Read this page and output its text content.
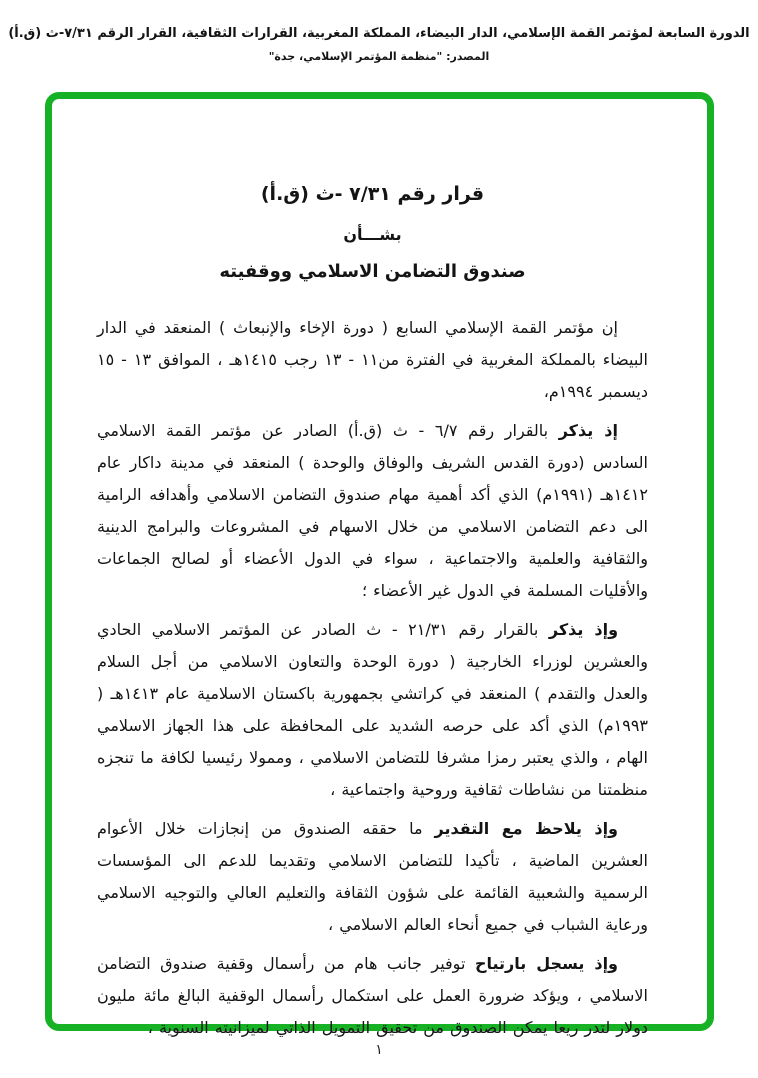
الدورة السابعة لمؤتمر القمة الإسلامي، الدار البيضاء، المملكة المغربية، القرارات الثقافية، القرار الرقم ٧/٣١-ث (ق.أ)
المصدر: "منظمة المؤتمر الإسلامي، جدة"
قرار رقم ٧/٣١ -ث (ق.أ)
بشـــأن
صندوق التضامن الاسلامي ووقفيته

إن مؤتمر القمة الإسلامي السابع ( دورة الإخاء والإنبعاث ) المنعقد في الدار البيضاء بالمملكة المغربية في الفترة من١١ - ١٣ رجب ١٤١٥هـ ، الموافق ١٣ - ١٥ ديسمبر ١٩٩٤م،

إذ يذكر بالقرار رقم ٦/٧ - ث (ق.أ) الصادر عن مؤتمر القمة الاسلامي السادس (دورة القدس الشريف والوفاق والوحدة ) المنعقد في مدينة داكار عام ١٤١٢هـ (١٩٩١م) الذي أكد أهمية مهام صندوق التضامن الاسلامي وأهدافه الرامية الى دعم التضامن الاسلامي من خلال الاسهام في المشروعات والبرامج الدينية والثقافية والعلمية والاجتماعية ، سواء في الدول الأعضاء أو لصالح الجماعات والأقليات المسلمة في الدول غير الأعضاء ؛

وإذ يذكر بالقرار رقم ٢١/٣١ - ث الصادر عن المؤتمر الاسلامي الحادي والعشرين لوزراء الخارجية ( دورة الوحدة والتعاون الاسلامي من أجل السلام والعدل والتقدم ) المنعقد في كراتشي بجمهورية باكستان الاسلامية عام ١٤١٣هـ ( ١٩٩٣م) الذي أكد على حرصه الشديد على المحافظة على هذا الجهاز الاسلامي الهام ، والذي يعتبر رمزا مشرفا للتضامن الاسلامي ، وممولا رئيسيا لكافة ما تنجزه منظمتنا من نشاطات ثقافية وروحية واجتماعية ،

وإذ يلاحظ مع التقدير ما حققه الصندوق من إنجازات خلال الأعوام العشرين الماضية ، تأكيدا للتضامن الاسلامي وتقديما للدعم الى المؤسسات الرسمية والشعبية القائمة على شؤون الثقافة والتعليم العالي والتوجيه الاسلامي ورعاية الشباب في جميع أنحاء العالم الاسلامي ،

وإذ يسجل بارتياح توفير جانب هام من رأسمال وقفية صندوق التضامن الاسلامي ، ويؤكد ضرورة العمل على استكمال رأسمال الوقفية البالغ مائة مليون دولار لتدر ريعا يمكن الصندوق من تحقيق التمويل الذاتي لميزانيته السنوية ،

١
